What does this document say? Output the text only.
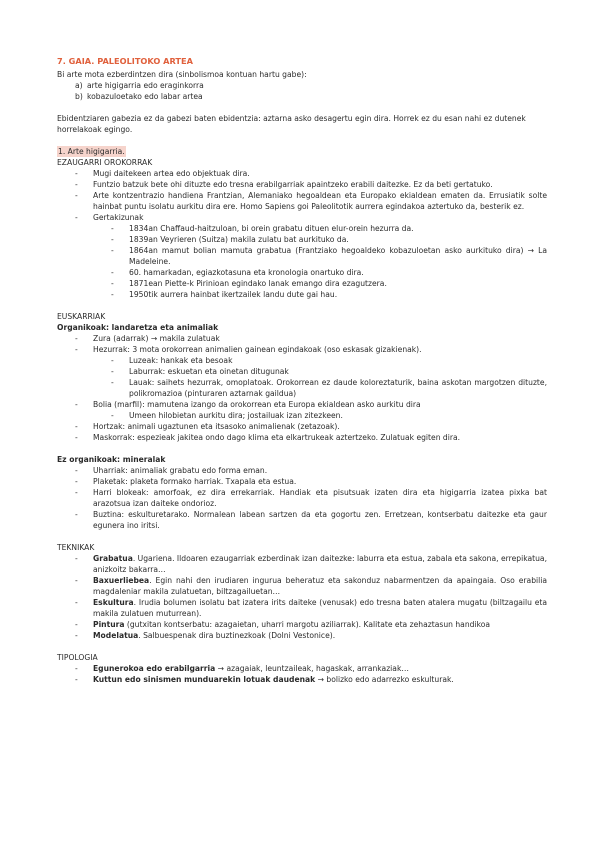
7. GAIA. PALEOLITOKO ARTEA
Bi arte mota ezberdintzen dira (sinbolismoa kontuan hartu gabe):
a) arte higigarria edo eraginkorra
b) kobazuloetako edo labar artea
Ebidentziaren gabezia ez da gabezi baten ebidentzia: aztarna asko desagertu egin dira. Horrek ez du esan nahi ez dutenek horrelakoak egingo.
1. Arte higigarria.
EZAUGARRI OROKORRAK
- Mugi daitekeen artea edo objektuak dira.
- Funtzio batzuk bete ohi dituzte edo tresna erabilgarriak apaintzeko erabili daitezke. Ez da beti gertatuko.
- Arte kontzentrazio handiena Frantzian, Alemaniako hegoaldean eta Europako ekialdean ematen da. Errusiatik solte hainbat puntu isolatu aurkitu dira ere. Homo Sapiens goi Paleolitotik aurrera egindakoa aztertuko da, besterik ez.
- Gertakizunak
- 1834an Chaffaud-haitzuloan, bi orein grabatu dituen elur-orein hezurra da.
- 1839an Veyrieren (Suitza) makila zulatu bat aurkituko da.
- 1864an mamut bolian mamuta grabatua (Frantziako hegoaldeko kobazuloetan asko aurkituko dira) → La Madeleine.
- 60. hamarkadan, egiazkotasuna eta kronologia onartuko dira.
- 1871ean Piette-k Pirinioan egindako lanak emango dira ezagutzera.
- 1950tik aurrera hainbat ikertzailek landu dute gai hau.
EUSKARRIAK
Organikoak: landaretza eta animaliak
- Zura (adarrak) → makila zulatuak
- Hezurrak: 3 mota orokorrean animalien gainean egindakoak (oso eskasak gizakienak).
- Luzeak: hankak eta besoak
- Laburrak: eskuetan eta oinetan ditugunak
- Lauak: saihets hezurrak, omoplatoak. Orokorrean ez daude koloreztaturik, baina askotan margotzen dituzte, polikromazioa (pinturaren aztarnak gaildua)
- Bolia (marfil): mamutena izango da orokorrean eta Europa ekialdean asko aurkitu dira
- Umeen hilobietan aurkitu dira; jostailuak izan zitezkeen.
- Hortzak: animali ugaztunen eta itsasoko animalienak (zetazoak).
- Maskorrak: espezieak jakitea ondo dago klima eta elkartrukeak aztertzeko. Zulatuak egiten dira.
Ez organikoak: mineralak
- Uharriak: animaliak grabatu edo forma eman.
- Plaketak: plaketa formako harriak. Txapala eta estua.
- Harri blokeak: amorfoak, ez dira errekarriak. Handiak eta pisutsuak izaten dira eta higigarria izatea pixka bat arazotsua izan daiteke ondorioz.
- Buztina: eskulturetarako. Normalean labean sartzen da eta gogortu zen. Erretzean, kontserbatu daitezke eta gaur egunera ino iritsi.
TEKNIKAK
- Grabatua. Ugariena. Ildoaren ezaugarriak ezberdinak izan daitezke: laburra eta estua, zabala eta sakona, errepikatua, anizkoitz bakarra…
- Baxuerliebea. Egin nahi den irudiaren ingurua beheratuz eta sakonduz nabarmentzen da apaingaia. Oso erabilia magdaleniar makila zulatuetan, biltzagailuetan…
- Eskultura. Irudia bolumen isolatu bat izatera irits daiteke (venusak) edo tresna baten atalera mugatu (biltzagailu eta makila zulatuen muturrean).
- Pintura (gutxitan kontserbatu: azagaietan, uharri margotu aziliarrak). Kalitate eta zehaztasun handikoa
- Modelatua. Salbuespenak dira buztinezkoak (Dolni Vestonice).
TIPOLOGIA
- Egunerokoa edo erabilgarria → azagaiak, leuntzaileak, hagaskak, arrankaziak…
- Kuttun edo sinismen munduarekin lotuak daudenak → bolizko edo adarrezko eskulturak.
